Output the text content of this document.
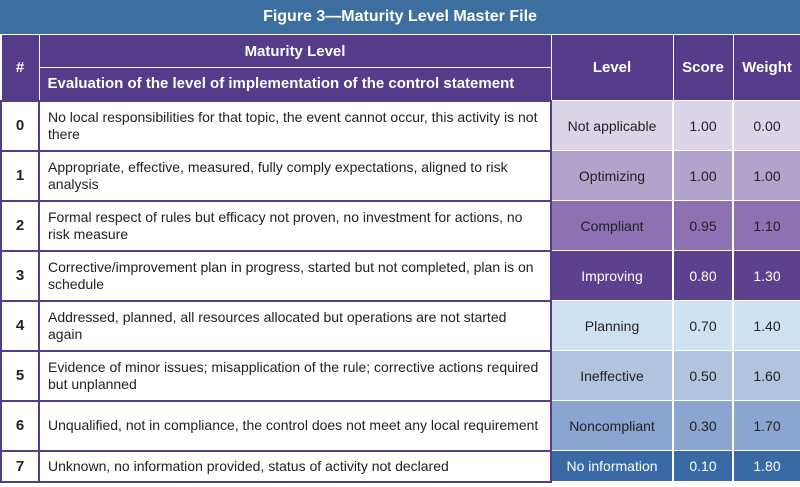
Figure 3—Maturity Level Master File
#	Maturity Level	Level	Score	Weight
	Evaluation of the level of implementation of the control statement			
0	No local responsibilities for that topic, the event cannot occur, this activity is not there	Not applicable	1.00	0.00
1	Appropriate, effective, measured, fully comply expectations, aligned to risk analysis	Optimizing	1.00	1.00
2	Formal respect of rules but efficacy not proven, no investment for actions, no risk measure	Compliant	0.95	1.10
3	Corrective/improvement plan in progress, started but not completed, plan is on schedule	Improving	0.80	1.30
4	Addressed, planned, all resources allocated but operations are not started again	Planning	0.70	1.40
5	Evidence of minor issues; misapplication of the rule; corrective actions required but unplanned	Ineffective	0.50	1.60
6	Unqualified, not in compliance, the control does not meet any local requirement	Noncompliant	0.30	1.70
7	Unknown, no information provided, status of activity not declared	No information	0.10	1.80
